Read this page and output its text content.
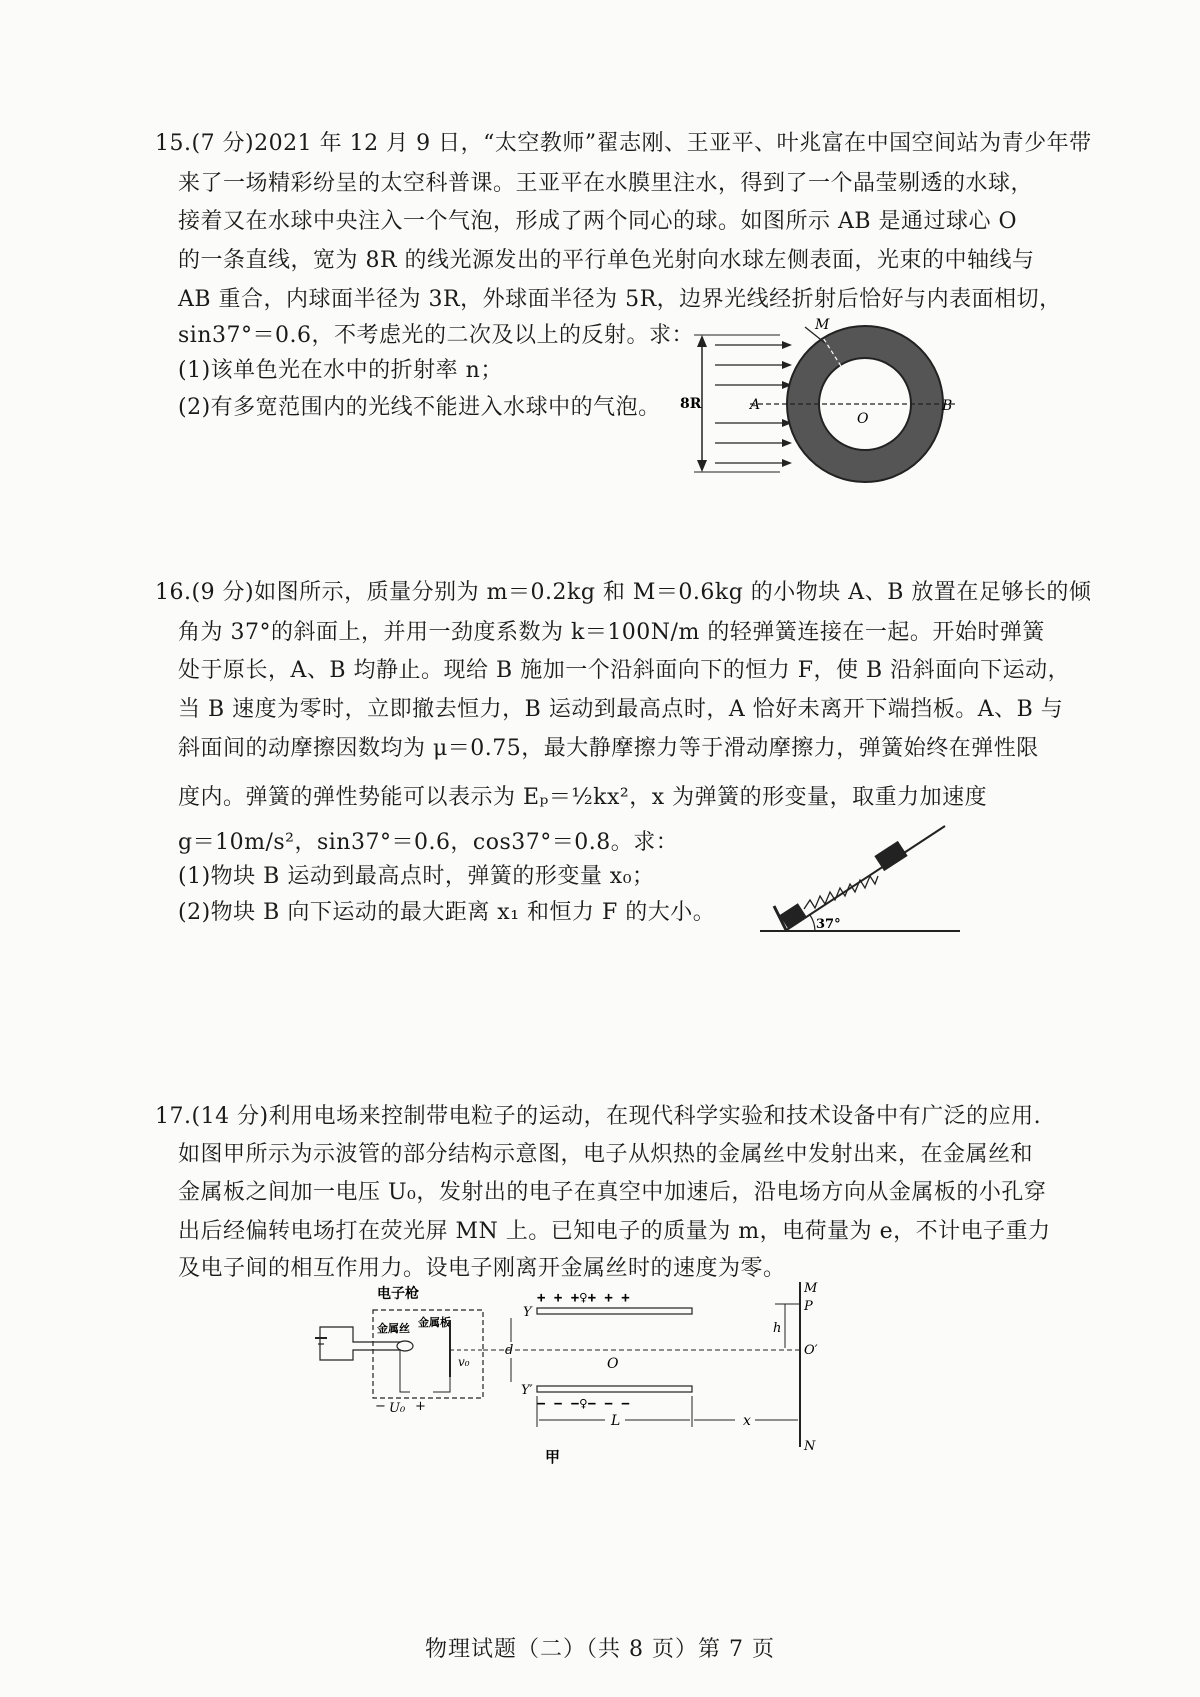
15.(7 分)2021 年 12 月 9 日，“太空教师”翟志刚、王亚平、叶兆富在中国空间站为青少年带
来了一场精彩纷呈的太空科普课。王亚平在水膜里注水，得到了一个晶莹剔透的水球，
接着又在水球中央注入一个气泡，形成了两个同心的球。如图所示 AB 是通过球心 O
的一条直线，宽为 8R 的线光源发出的平行单色光射向水球左侧表面，光束的中轴线与
AB 重合，内球面半径为 3R，外球面半径为 5R，边界光线经折射后恰好与内表面相切，
sin37°＝0.6，不考虑光的二次及以上的反射。求：
(1)该单色光在水中的折射率 n；
(2)有多宽范围内的光线不能进入水球中的气泡。 8R	A	B
O
M
16.(9 分)如图所示，质量分别为 m＝0.2kg 和 M＝0.6kg 的小物块 A、B 放置在足够长的倾
角为 37°的斜面上，并用一劲度系数为 k＝100N/m 的轻弹簧连接在一起。开始时弹簧
处于原长，A、B 均静止。现给 B 施加一个沿斜面向下的恒力 F，使 B 沿斜面向下运动，
当 B 速度为零时，立即撤去恒力，B 运动到最高点时，A 恰好未离开下端挡板。A、B 与
斜面间的动摩擦因数均为 μ＝0.75，最大静摩擦力等于滑动摩擦力，弹簧始终在弹性限
度内。弹簧的弹性势能可以表示为 Eₚ＝½kx²，x 为弹簧的形变量，取重力加速度
g＝10m/s²，sin37°＝0.6，cos37°＝0.8。求：
(1)物块 B 运动到最高点时，弹簧的形变量 x₀；
(2)物块 B 向下运动的最大距离 x₁ 和恒力 F 的大小。	37°
17.(14 分)利用电场来控制带电粒子的运动，在现代科学实验和技术设备中有广泛的应用.
如图甲所示为示波管的部分结构示意图，电子从炽热的金属丝中发射出来，在金属丝和
金属板之间加一电压 U₀，发射出的电子在真空中加速后，沿电场方向从金属板的小孔穿
出后经偏转电场打在荧光屏 MN 上。已知电子的质量为 m，电荷量为 e，不计电子重力
及电子间的相互作用力。设电子刚离开金属丝时的速度为零。
电子枪
金属丝 金属板
v₀
− U₀ +
+ + +♀+ + +
− − −♀− − −
Y
Y′
d
O
M
P
O′
N
h
L	x
甲
物理试题（二）（共 8 页）第 7 页
